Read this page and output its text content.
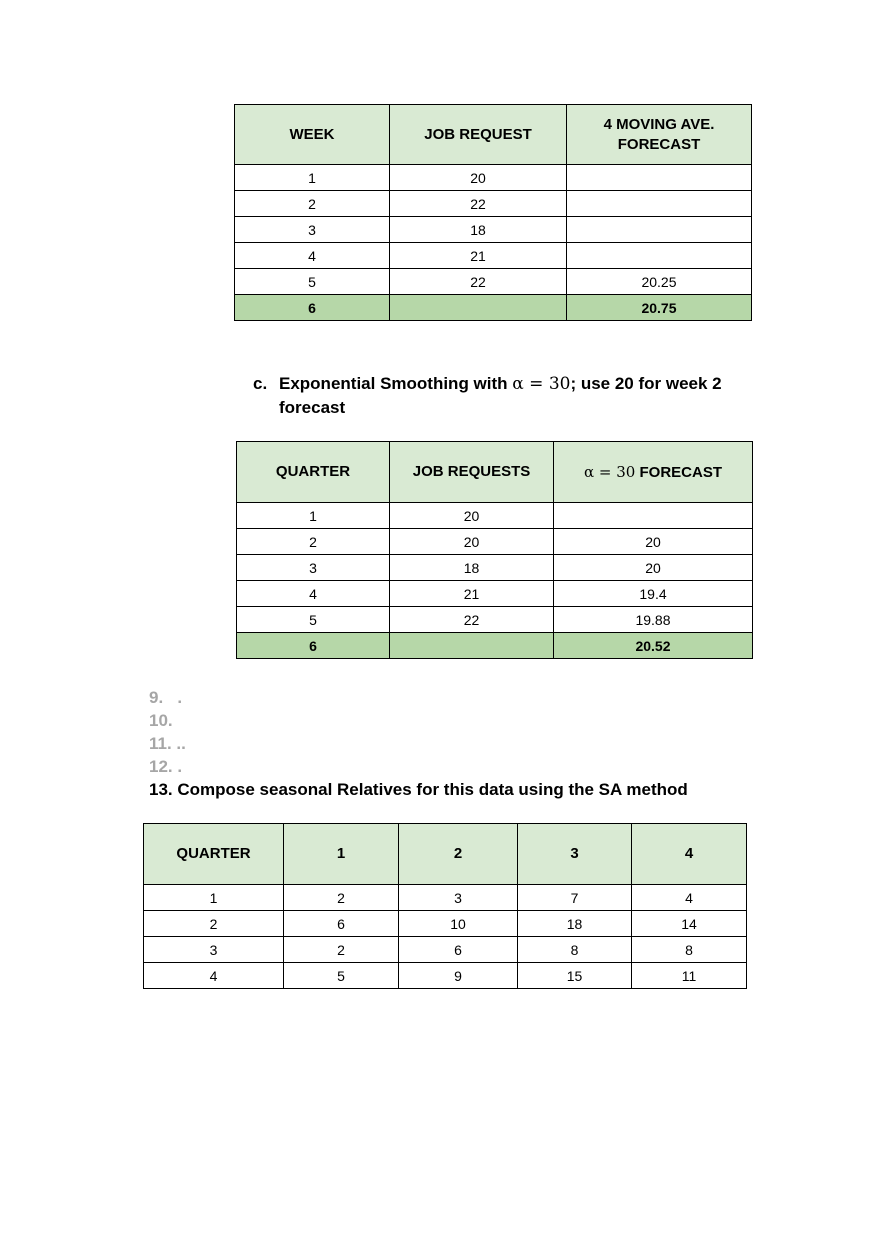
WEEK	JOB REQUEST	4 MOVING AVE.
FORECAST
1	20	
2	22	
3	18	
4	21	
5	22	20.25
6		20.75
c. Exponential Smoothing with α = 30; use 20 for week 2 forecast
QUARTER	JOB REQUESTS	α = 30 FORECAST
1	20	
2	20	20
3	18	20
4	21	19.4
5	22	19.88
6		20.52
9.   .
10.
11. ..
12. .
13. Compose seasonal Relatives for this data using the SA method
QUARTER	1	2	3	4
1	2	3	7	4
2	6	10	18	14
3	2	6	8	8
4	5	9	15	11
